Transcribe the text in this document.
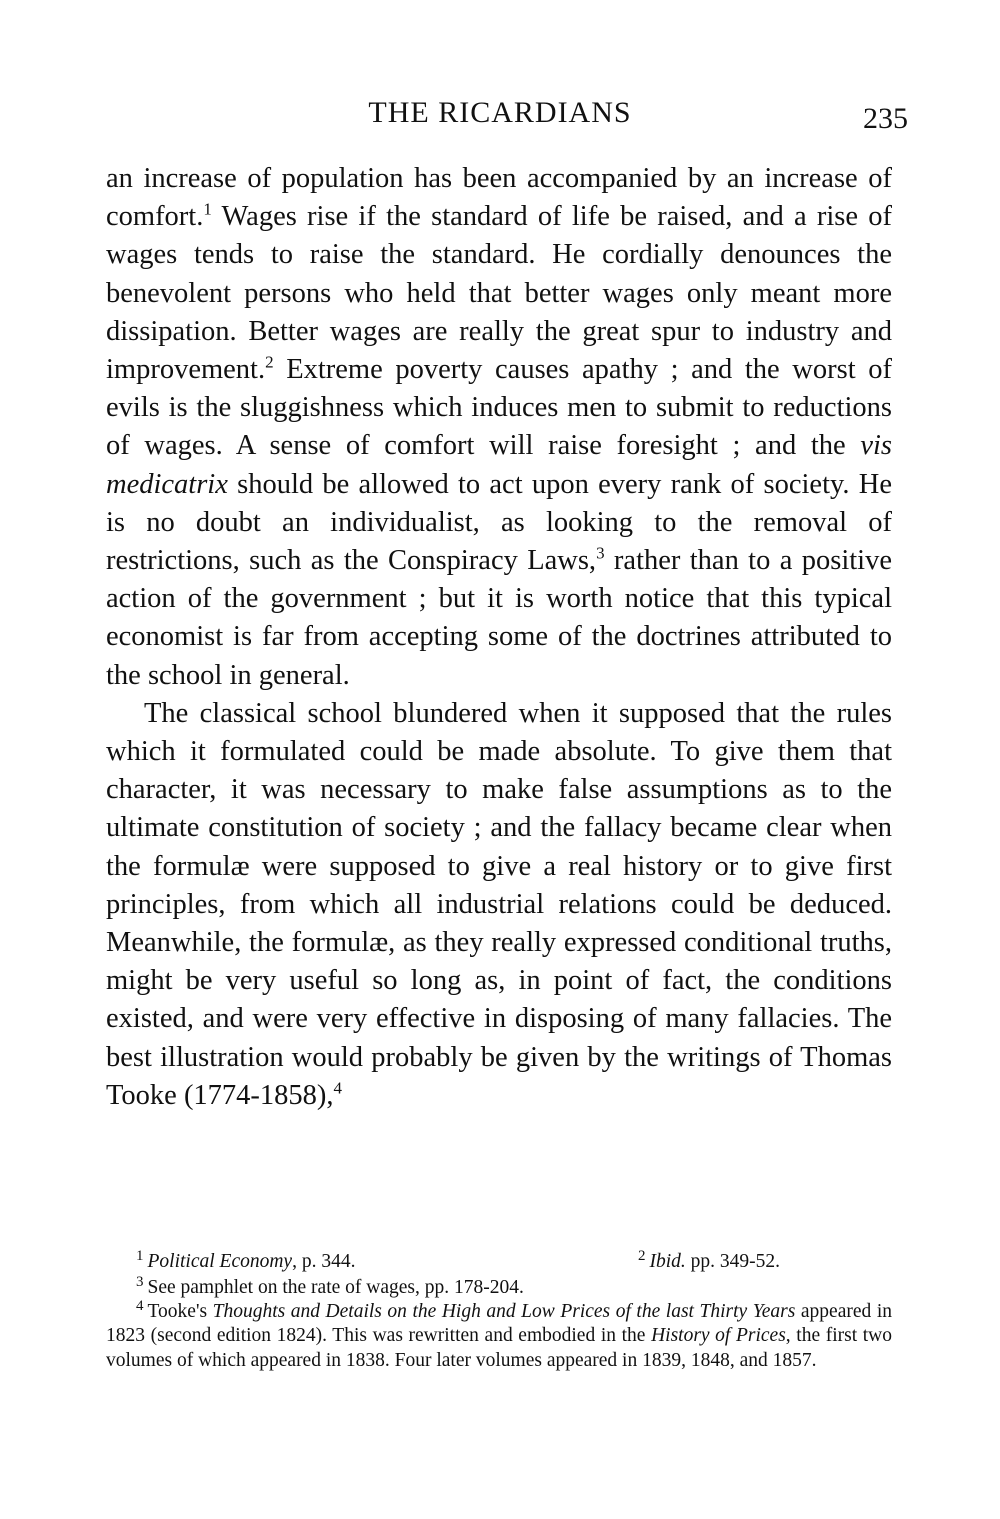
THE RICARDIANS	235

an increase of population has been accompanied by an increase of comfort.$^1$ Wages rise if the standard of life be raised, and a rise of wages tends to raise the standard. He cordially denounces the benevolent persons who held that better wages only meant more dissipation. Better wages are really the great spur to industry and improvement.$^2$ Extreme poverty causes apathy ; and the worst of evils is the sluggishness which induces men to submit to reductions of wages. A sense of comfort will raise foresight ; and the vis medicatrix should be allowed to act upon every rank of society. He is no doubt an individualist, as looking to the removal of restrictions, such as the Conspiracy Laws,$^3$ rather than to a positive action of the government ; but it is worth notice that this typical economist is far from accepting some of the doctrines attributed to the school in general.

The classical school blundered when it supposed that the rules which it formulated could be made absolute. To give them that character, it was necessary to make false assumptions as to the ultimate constitution of society ; and the fallacy became clear when the formulæ were supposed to give a real history or to give first principles, from which all industrial relations could be deduced. Meanwhile, the formulæ, as they really expressed conditional truths, might be very useful so long as, in point of fact, the conditions existed, and were very effective in disposing of many fallacies. The best illustration would probably be given by the writings of Thomas Tooke (1774-1858),$^4$

$^1$ Political Economy, p. 344.	$^2$ Ibid. pp. 349-52.

$^3$ See pamphlet on the rate of wages, pp. 178-204.

$^4$ Tooke's Thoughts and Details on the High and Low Prices of the last Thirty Years appeared in 1823 (second edition 1824). This was rewritten and embodied in the History of Prices, the first two volumes of which appeared in 1838. Four later volumes appeared in 1839, 1848, and 1857.
